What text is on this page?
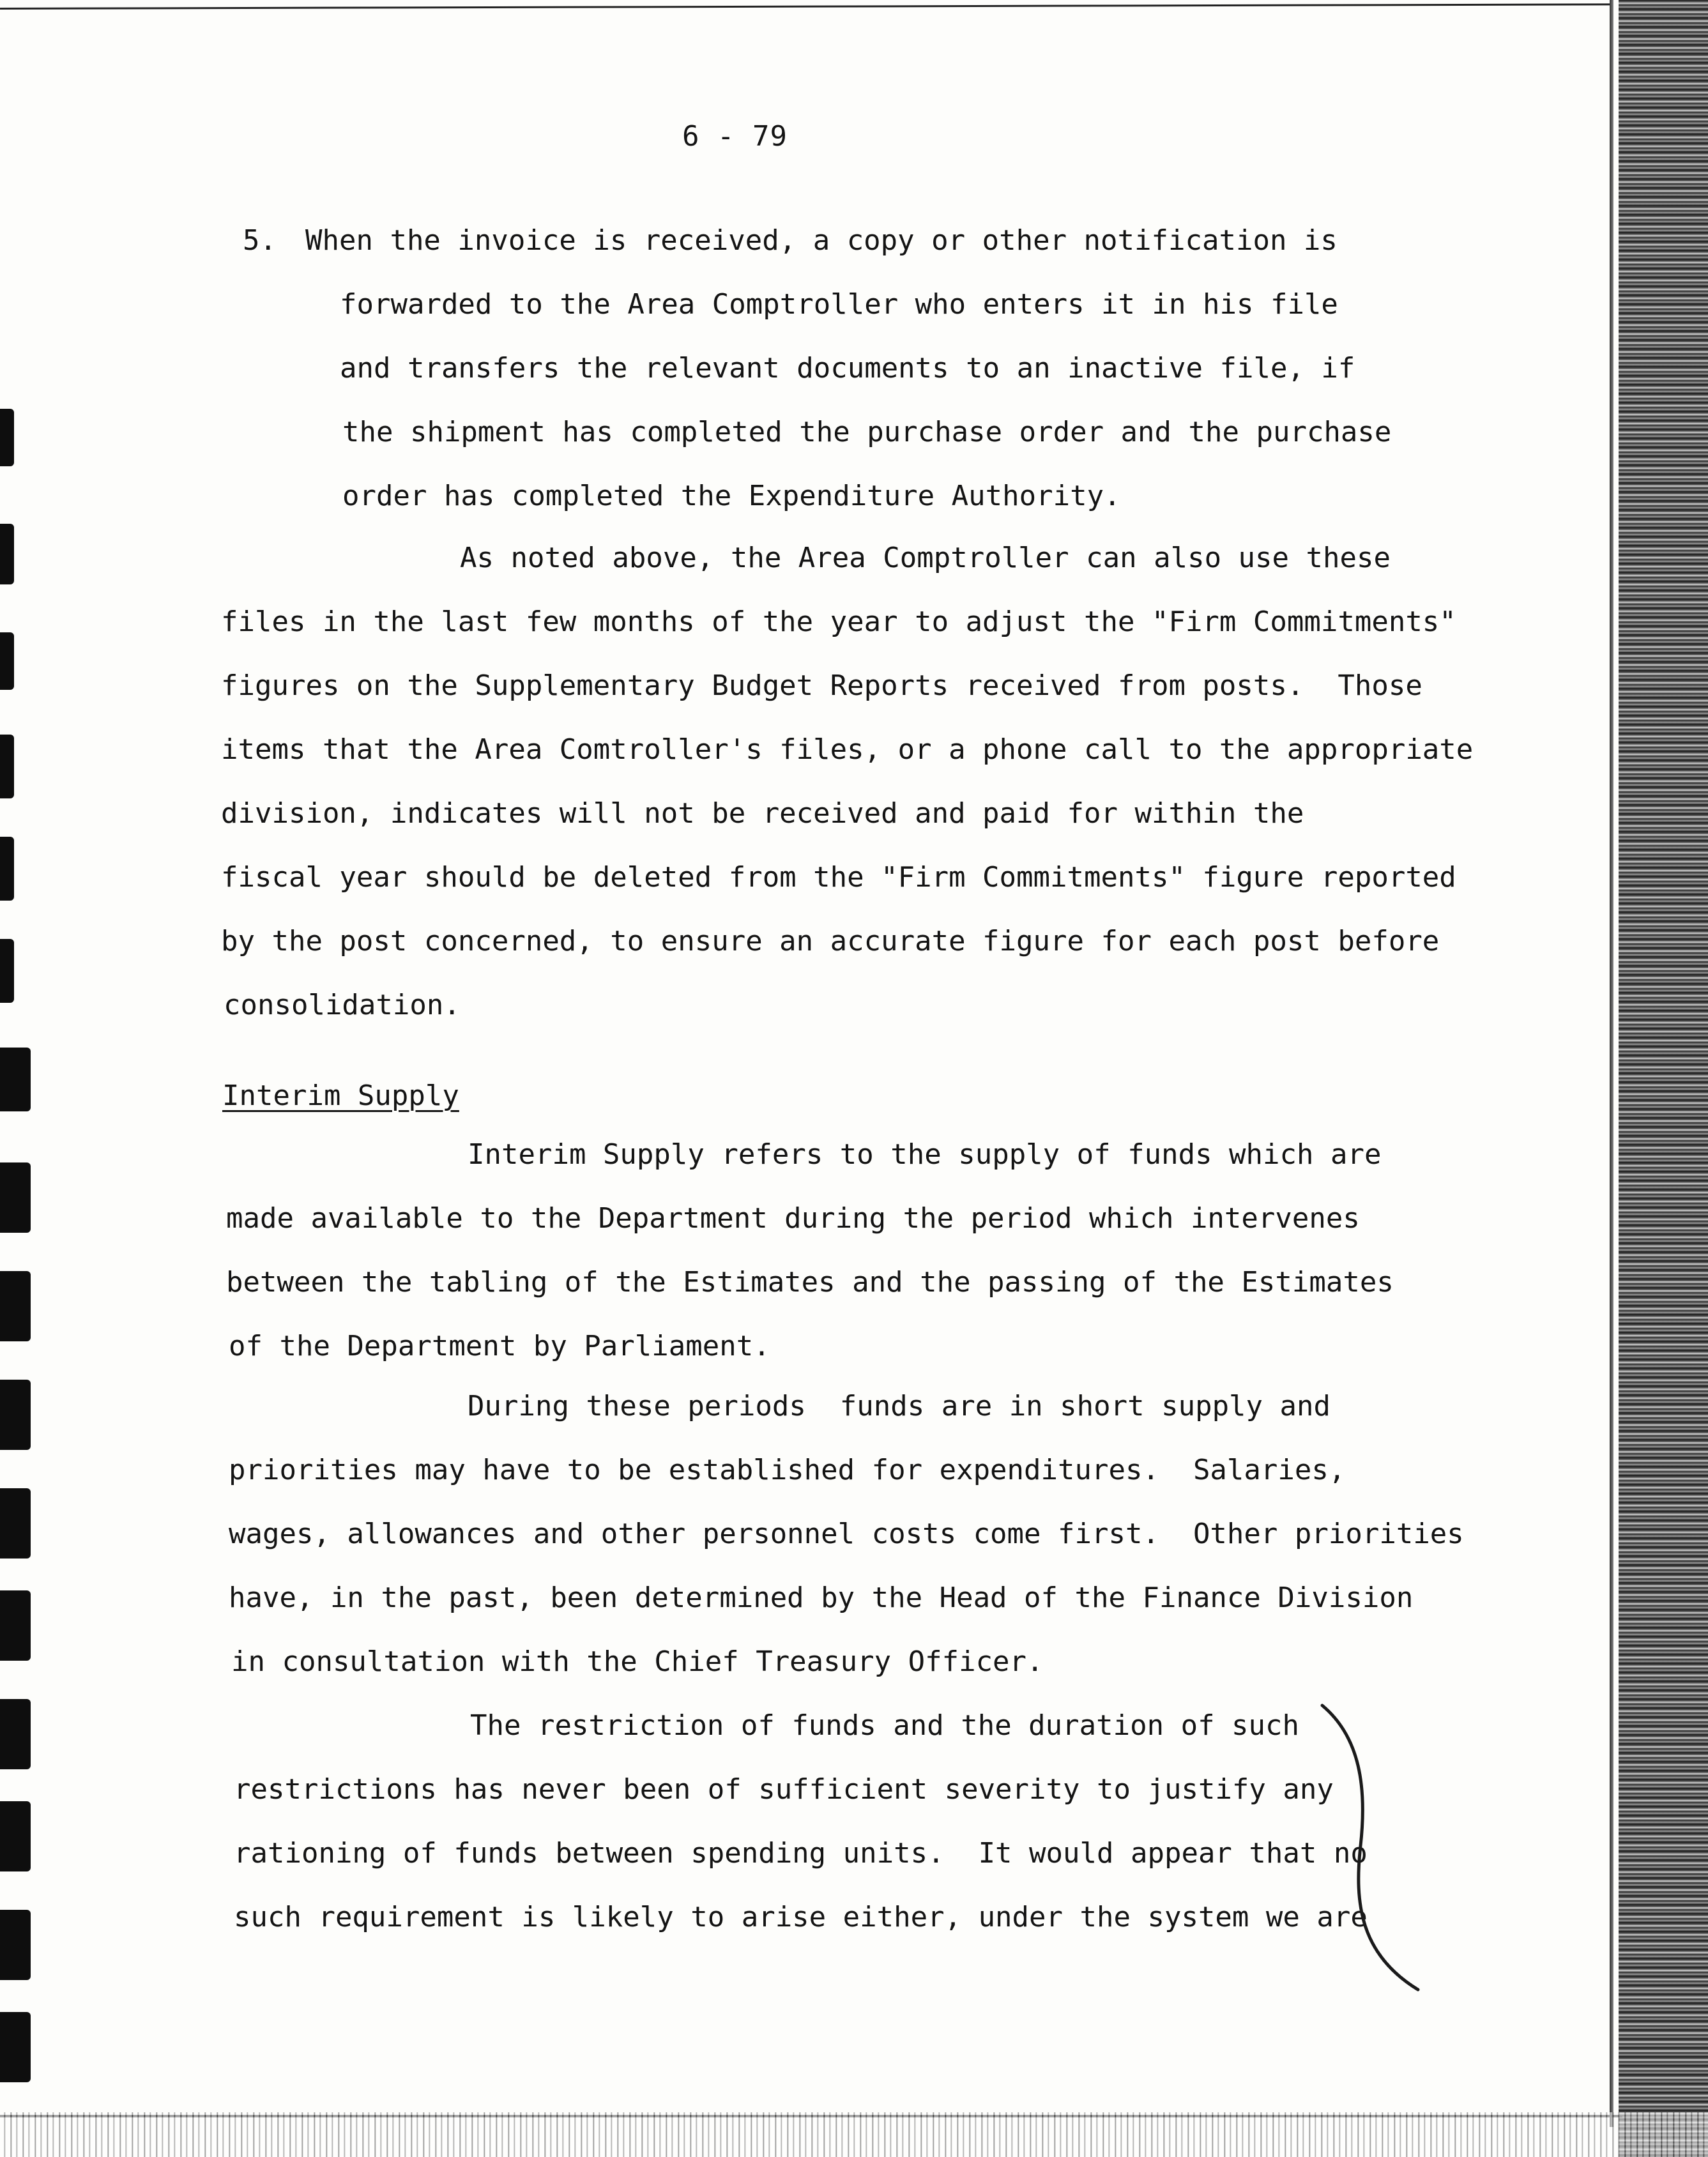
6 - 79
5. When the invoice is received, a copy or other notification is
forwarded to the Area Comptroller who enters it in his file
and transfers the relevant documents to an inactive file, if
the shipment has completed the purchase order and the purchase
order has completed the Expenditure Authority.
As noted above, the Area Comptroller can also use these
files in the last few months of the year to adjust the "Firm Commitments"
figures on the Supplementary Budget Reports received from posts.  Those
items that the Area Comtroller's files, or a phone call to the appropriate
division, indicates will not be received and paid for within the
fiscal year should be deleted from the "Firm Commitments" figure reported
by the post concerned, to ensure an accurate figure for each post before
consolidation.
Interim Supply
Interim Supply refers to the supply of funds which are
made available to the Department during the period which intervenes
between the tabling of the Estimates and the passing of the Estimates
of the Department by Parliament.
During these periods  funds are in short supply and
priorities may have to be established for expenditures.  Salaries,
wages, allowances and other personnel costs come first.  Other priorities
have, in the past, been determined by the Head of the Finance Division
in consultation with the Chief Treasury Officer.
The restriction of funds and the duration of such
restrictions has never been of sufficient severity to justify any
rationing of funds between spending units.  It would appear that no
such requirement is likely to arise either, under the system we are
